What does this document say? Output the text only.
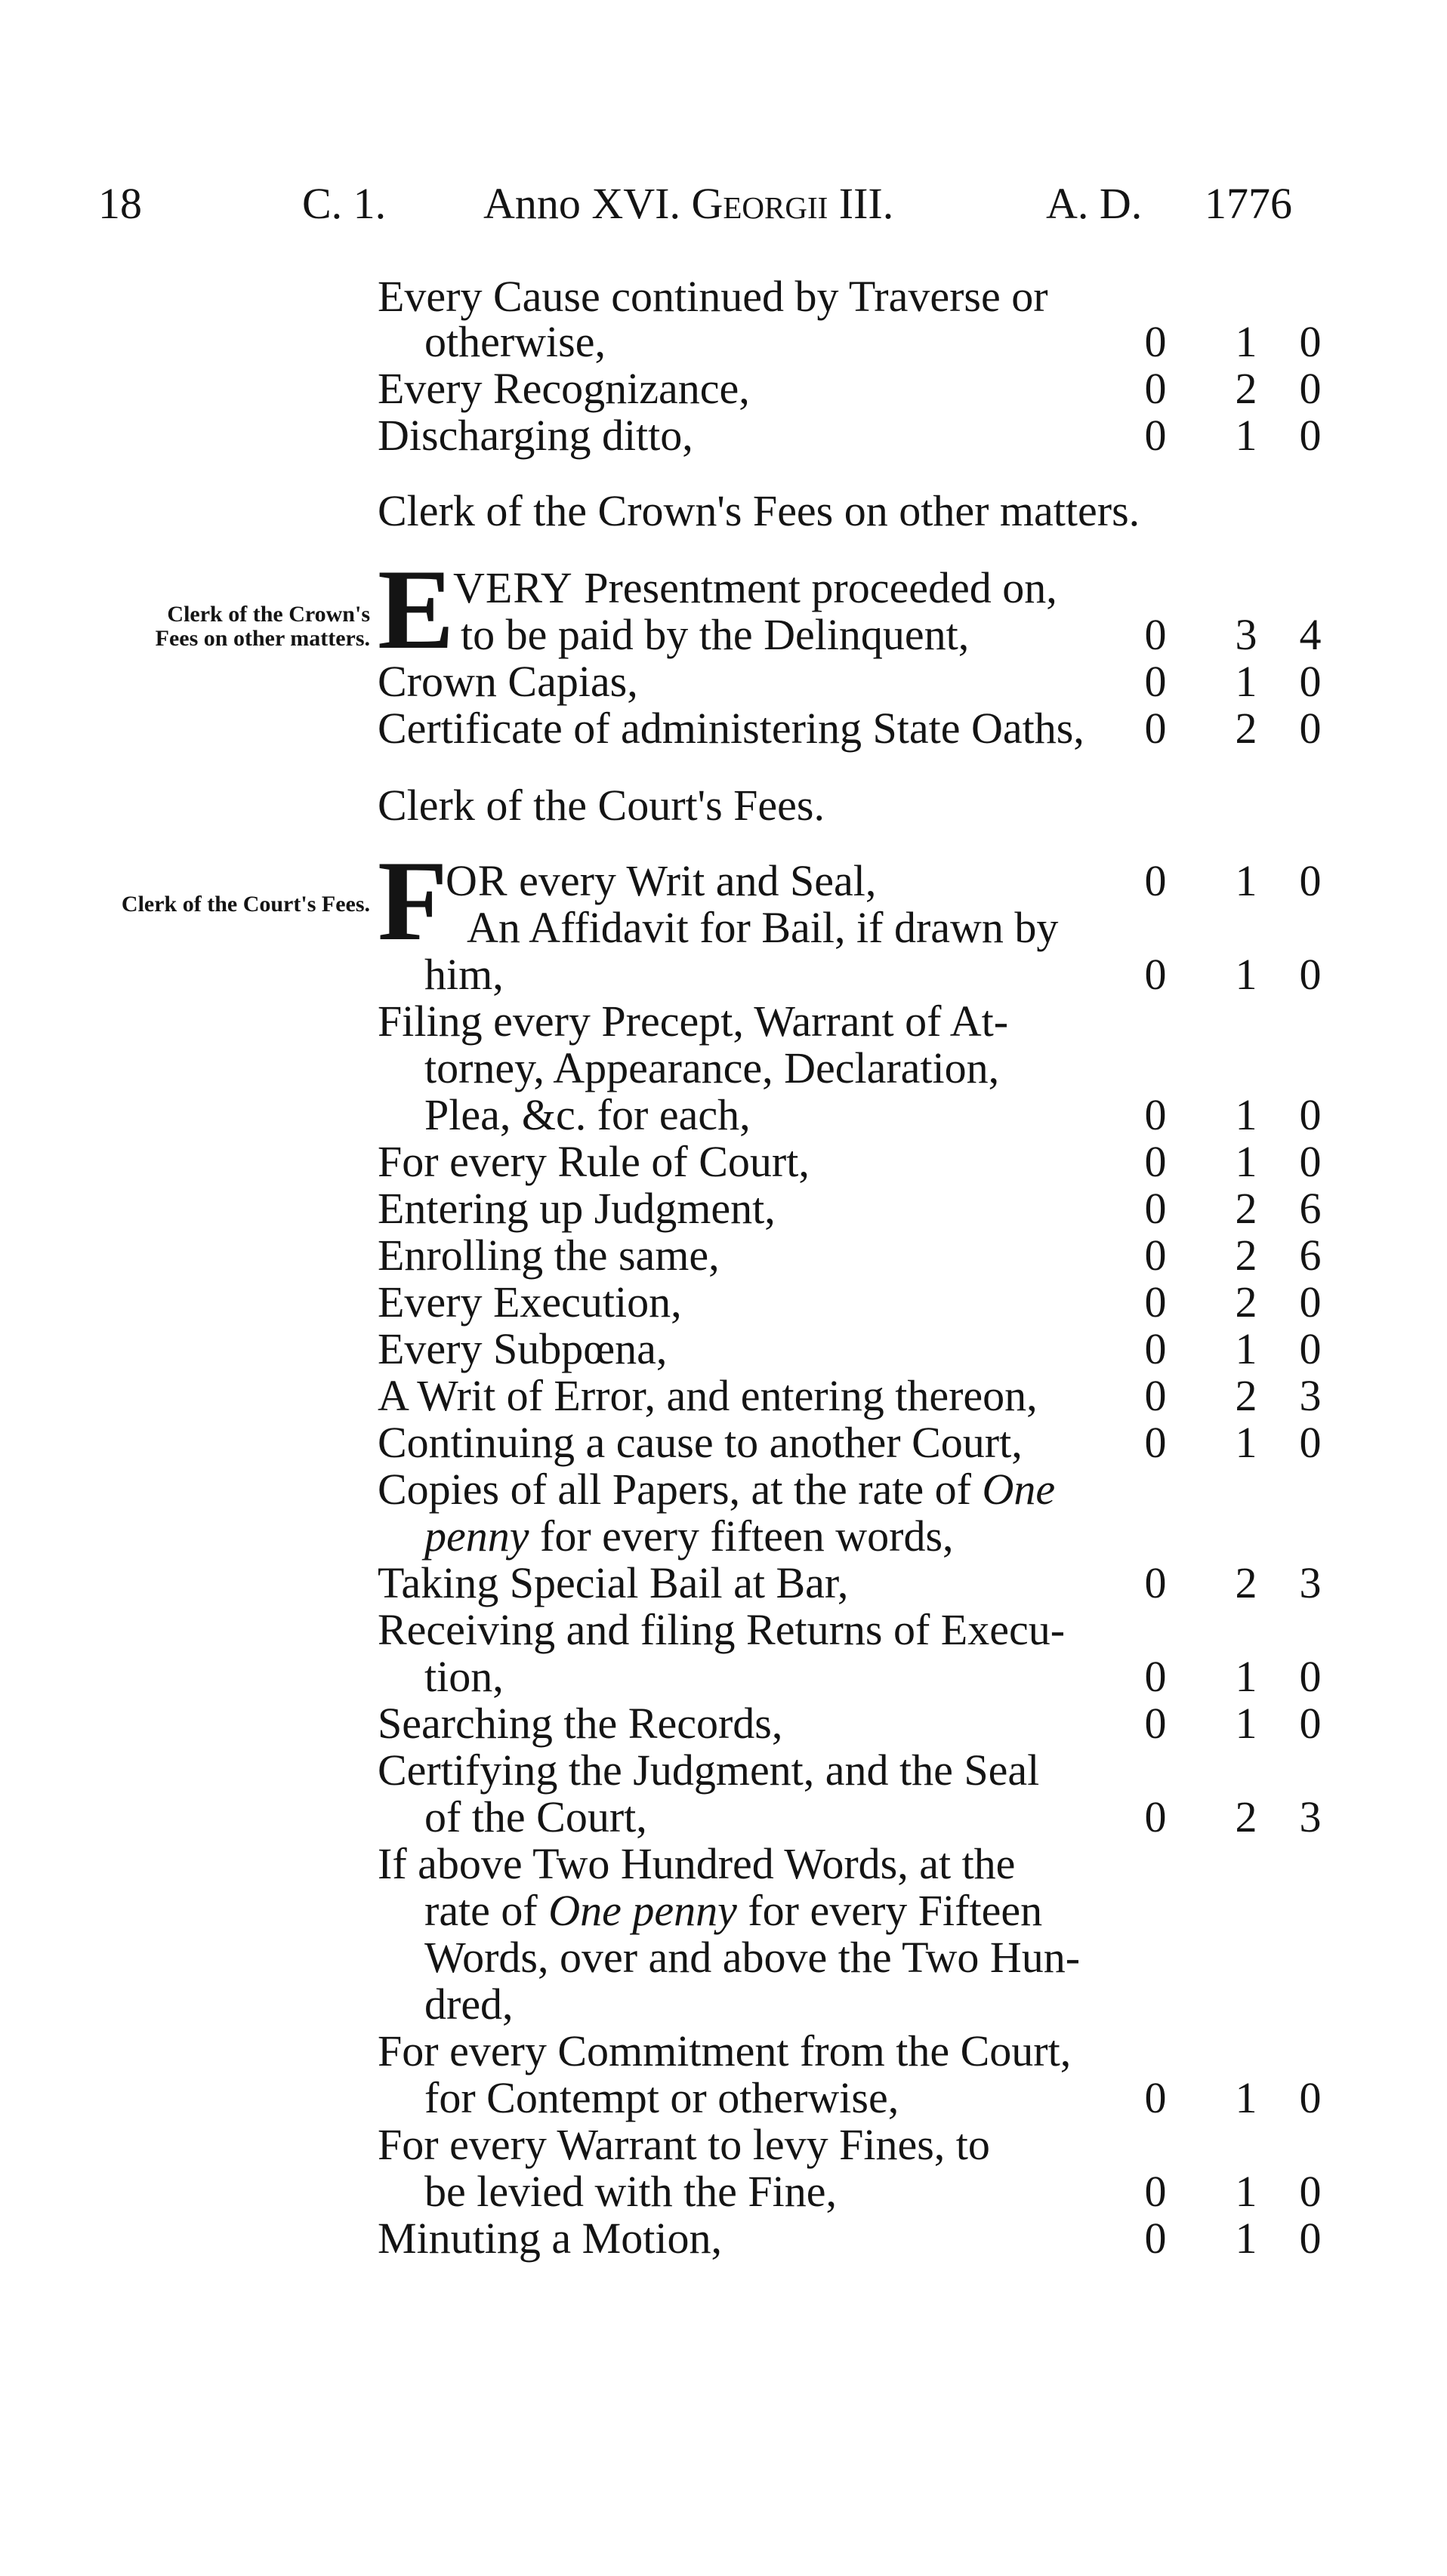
18	C. 1. Anno XVI. Georgii III.	A. D. 1776
Every Cause continued by Traverse or
otherwise,	0 1 0
Every Recognizance,	0 2 0
Discharging ditto,	0 1 0
Clerk of the Crown's Fees on other matters.
Clerk of the Crown's Fees on other matters. E
VERY Presentment proceeded on,
to be paid by the Delinquent,	0 3 4
Crown Capias,	0 1 0
Certificate of administering State Oaths, 0 2 0
Clerk of the Court's Fees.
Clerk of the Court's Fees. F
OR every Writ and Seal,	0 1 0
An Affidavit for Bail, if drawn by
him,	0 1 0
Filing every Precept, Warrant of At-
torney, Appearance, Declaration,
Plea, &c. for each,	0 1 0
For every Rule of Court,	0 1 0
Entering up Judgment,	0 2 6
Enrolling the same,	0 2 6
Every Execution,	0 2 0
Every Subpœna,	0 1 0
A Writ of Error, and entering thereon, 0 2 3
Continuing a cause to another Court,	0 1 0
Copies of all Papers, at the rate of One
penny for every fifteen words,
Taking Special Bail at Bar,	0 2 3
Receiving and filing Returns of Execu-
tion,	0 1 0
Searching the Records,	0 1 0
Certifying the Judgment, and the Seal
of the Court,	0 2 3
If above Two Hundred Words, at the
rate of One penny for every Fifteen
Words, over and above the Two Hun-
dred,
For every Commitment from the Court,
for Contempt or otherwise,	0 1 0
For every Warrant to levy Fines, to
be levied with the Fine,	0 1 0
Minuting a Motion,	0 1 0
